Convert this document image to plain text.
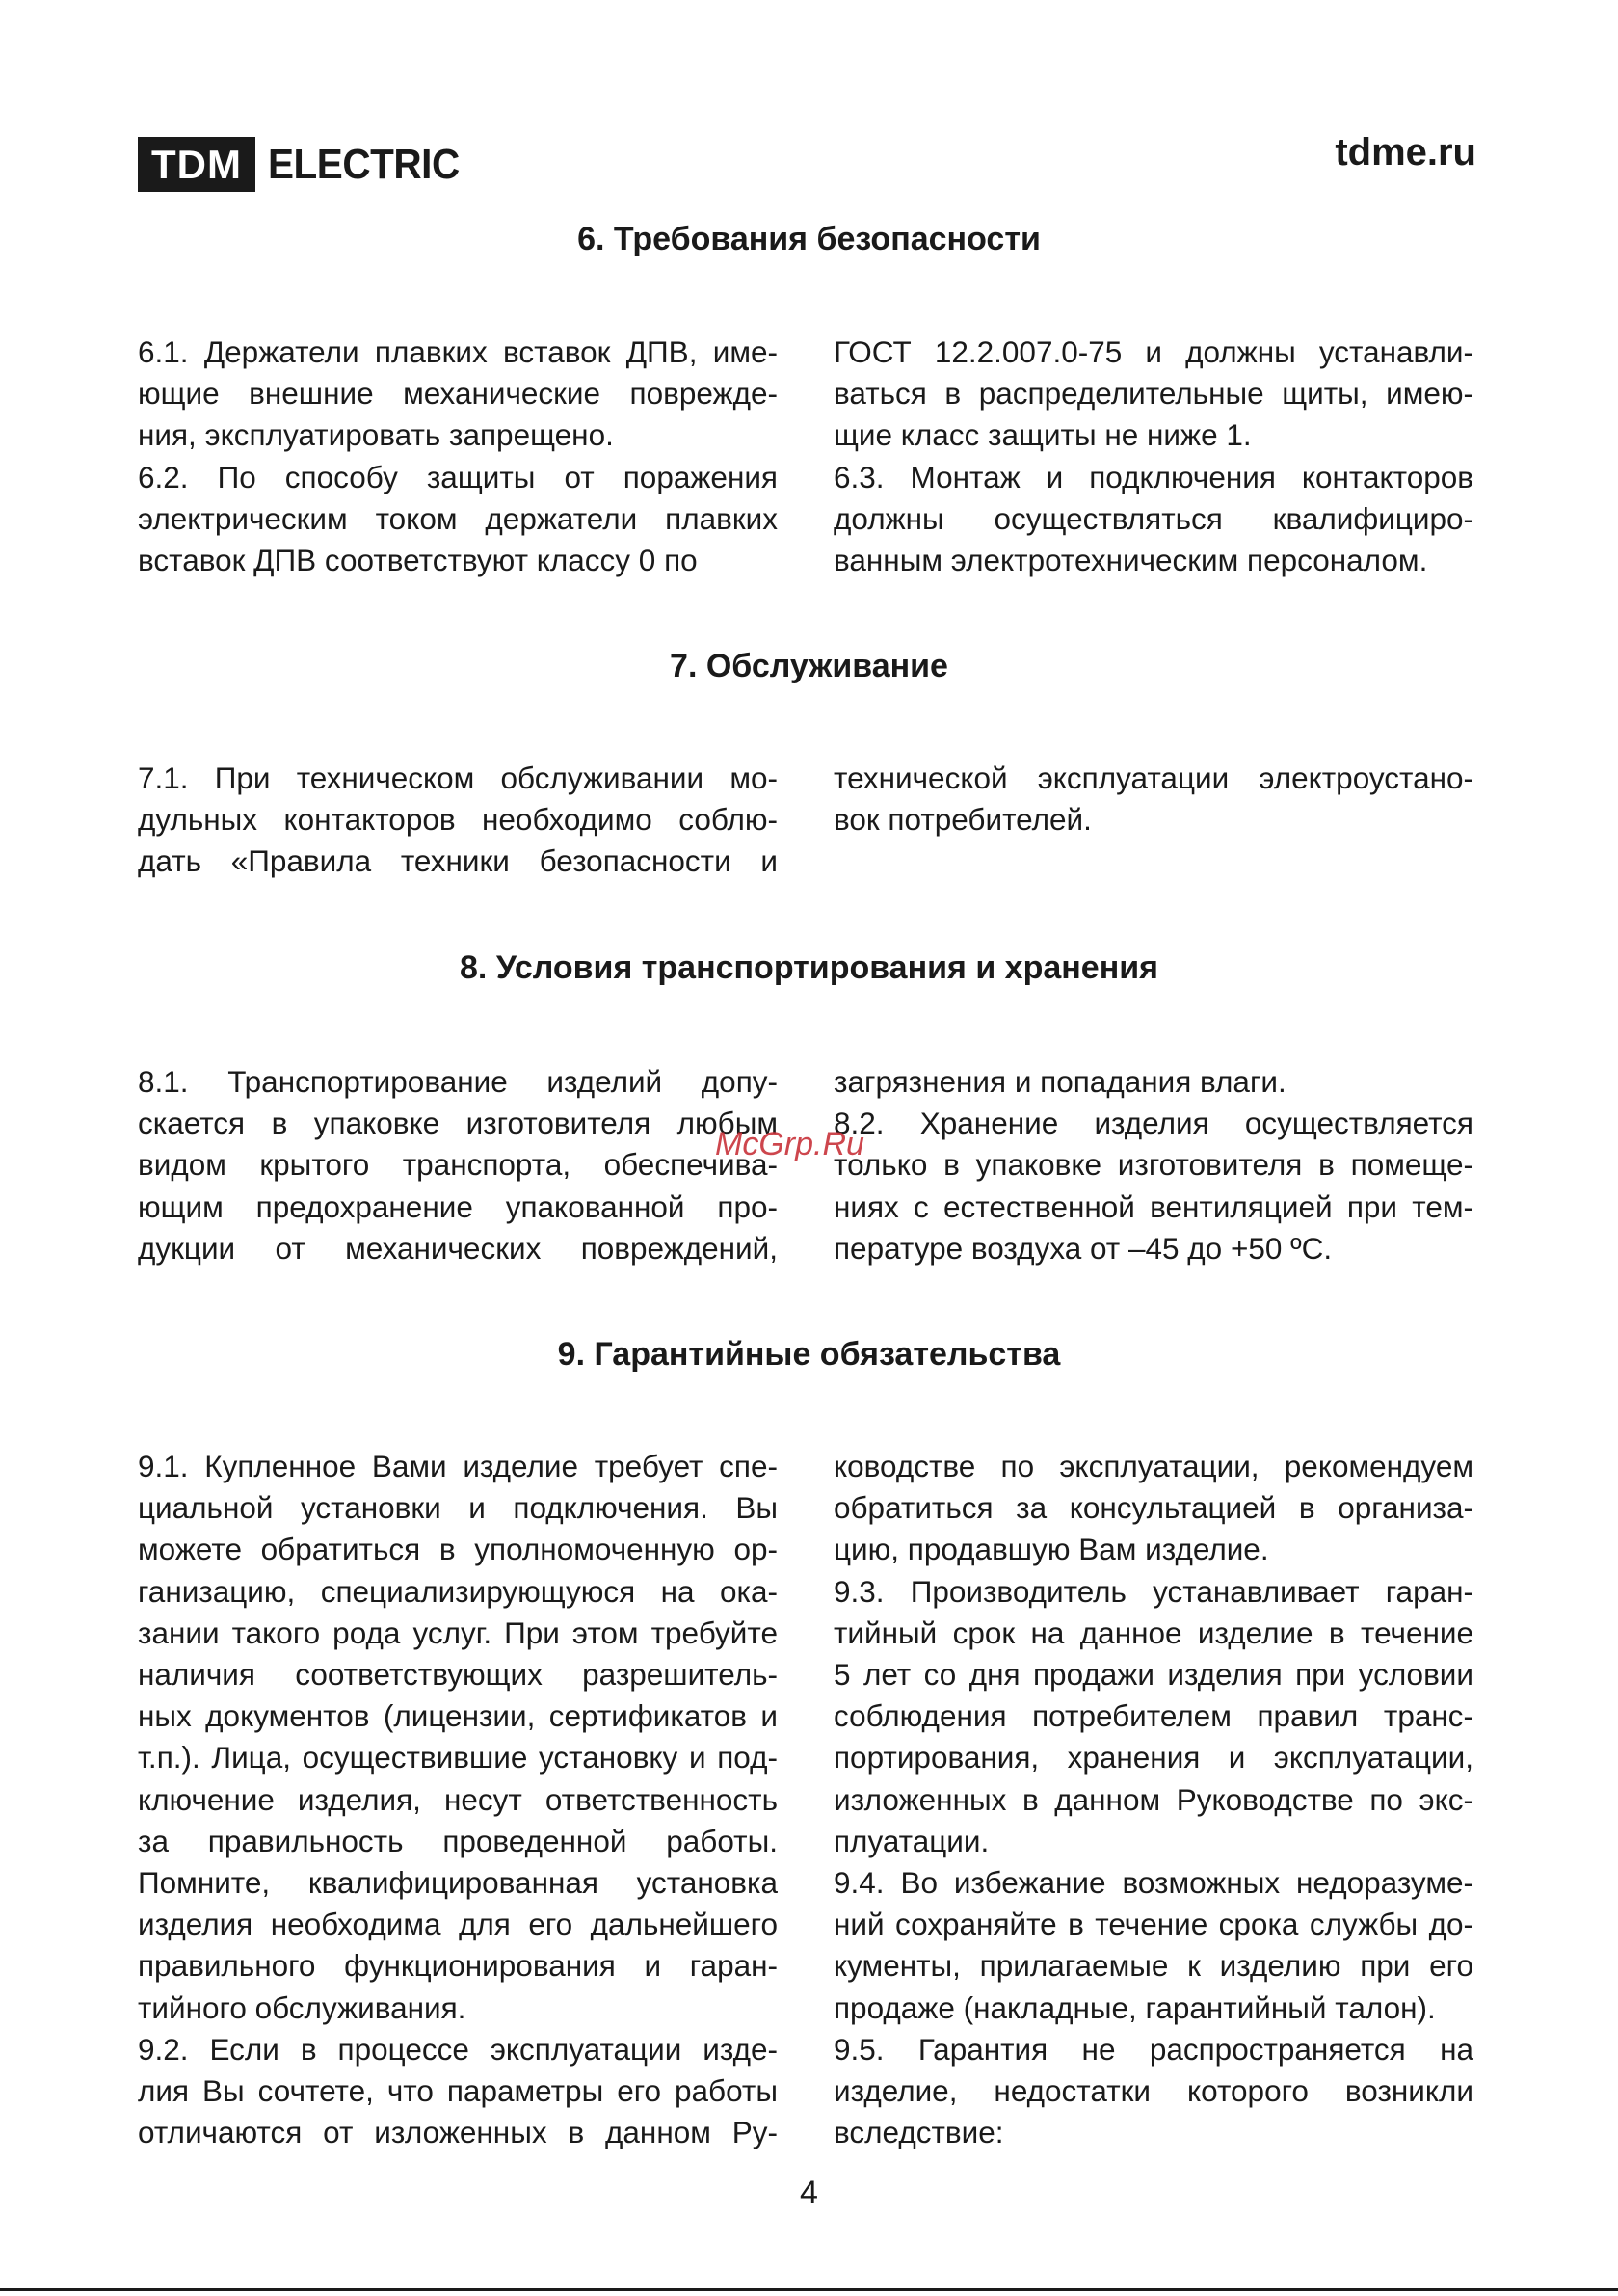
TDM ELECTRIC	tdme.ru
6. Требования безопасности

6.1. Держатели плавких вставок ДПВ, име-
ющие внешние механические поврежде-
ния, эксплуатировать запрещено.

6.2. По способу защиты от поражения
электрическим током держатели плавких
вставок ДПВ соответствуют классу 0 по

ГОСТ 12.2.007.0-75 и должны устанавли-
ваться в распределительные щиты, имею-
щие класс защиты не ниже 1.

6.3. Монтаж и подключения контакторов
должны осуществляться квалифициро-
ванным электротехническим персоналом.

7. Обслуживание

7.1. При техническом обслуживании мо-
дульных контакторов необходимо соблю-
дать «Правила техники безопасности и

технической эксплуатации электроустано-
вок потребителей.

8. Условия транспортирования и хранения

8.1. Транспортирование изделий допу-
скается в упаковке изготовителя любым
видом крытого транспорта, обеспечива-
ющим предохранение упакованной про-
дукции от механических повреждений,

загрязнения и попадания влаги.

8.2. Хранение изделия осуществляется
только в упаковке изготовителя в помеще-
ниях с естественной вентиляцией при тем-
пературе воздуха от –45 до +50 ºС.

9. Гарантийные обязательства

9.1. Купленное Вами изделие требует спе-
циальной установки и подключения. Вы
можете обратиться в уполномоченную ор-
ганизацию, специализирующуюся на ока-
зании такого рода услуг. При этом требуйте
наличия соответствующих разрешитель-
ных документов (лицензии, сертификатов и
т.п.). Лица, осуществившие установку и под-
ключение изделия, несут ответственность
за правильность проведенной работы.
Помните, квалифицированная установка
изделия необходима для его дальнейшего
правильного функционирования и гаран-
тийного обслуживания.

9.2. Если в процессе эксплуатации изде-
лия Вы сочтете, что параметры его работы
отличаются от изложенных в данном Ру-

ководстве по эксплуатации, рекомендуем
обратиться за консультацией в организа-
цию, продавшую Вам изделие.

9.3. Производитель устанавливает гаран-
тийный срок на данное изделие в течение
5 лет со дня продажи изделия при условии
соблюдения потребителем правил транс-
портирования, хранения и эксплуатации,
изложенных в данном Руководстве по экс-
плуатации.

9.4. Во избежание возможных недоразуме-
ний сохраняйте в течение срока службы до-
кументы, прилагаемые к изделию при его
продаже (накладные, гарантийный талон).

9.5. Гарантия не распространяется на
изделие, недостатки которого возникли
вследствие:

McGrp.Ru
4
